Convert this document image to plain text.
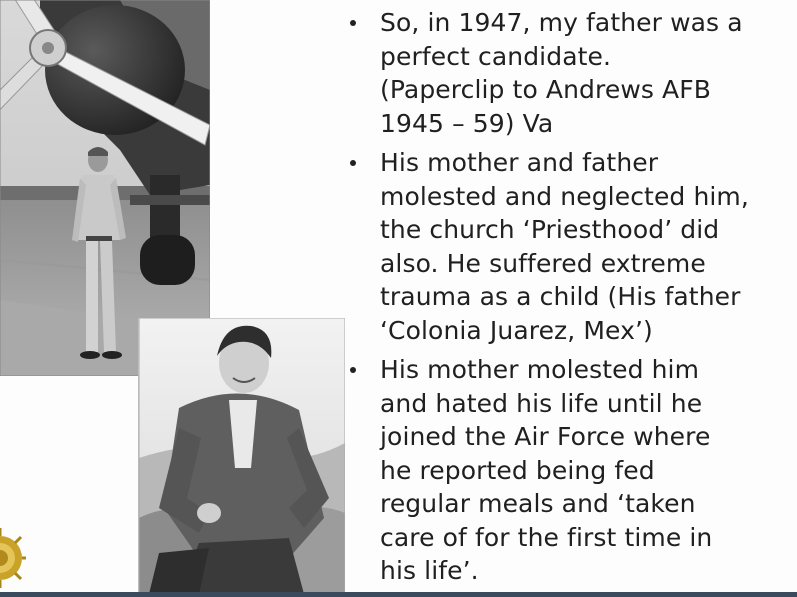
So, in 1947, my father was a
perfect candidate.
(Paperclip to Andrews AFB
1945 – 59) Va
His mother and father
molested and neglected him,
the church ‘Priesthood’ did
also. He suffered extreme
trauma as a child (His father
‘Colonia Juarez, Mex’)
His mother molested him
and hated his life until he
joined the Air Force where
he reported being fed
regular meals and ‘taken
care of for the first time in
his life’.
